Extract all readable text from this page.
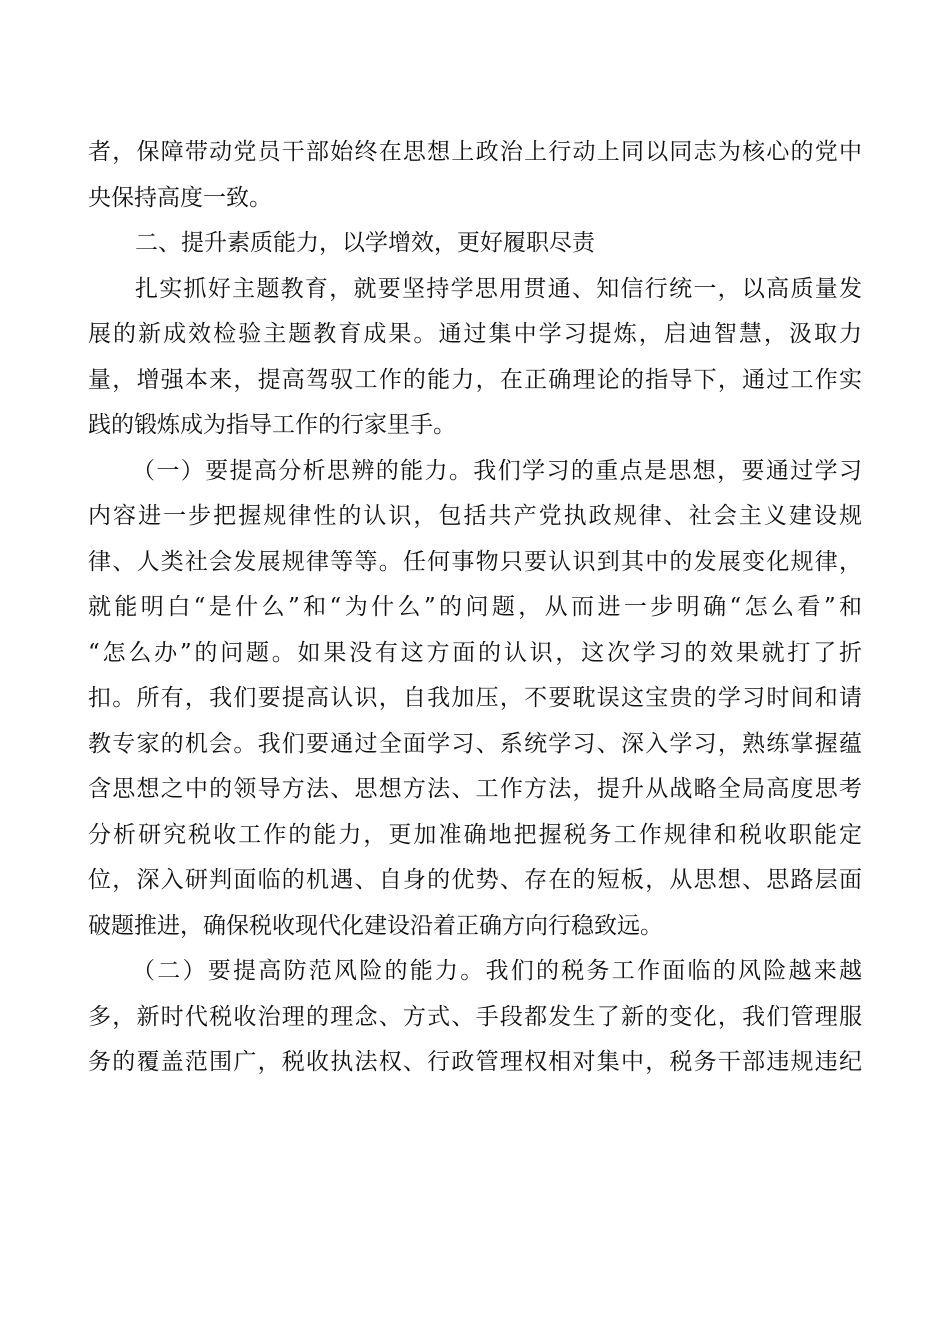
者，保障带动党员干部始终在思想上政治上行动上同以同志为核心的党中
央保持高度一致。
二、提升素质能力，以学增效，更好履职尽责
扎实抓好主题教育，就要坚持学思用贯通、知信行统一，以高质量发
展的新成效检验主题教育成果。通过集中学习提炼，启迪智慧，汲取力
量，增强本来，提高驾驭工作的能力，在正确理论的指导下，通过工作实
践的锻炼成为指导工作的行家里手。
（一）要提高分析思辨的能力。我们学习的重点是思想，要通过学习
内容进一步把握规律性的认识，包括共产党执政规律、社会主义建设规
律、人类社会发展规律等等。任何事物只要认识到其中的发展变化规律，
就能明白“是什么”和“为什么”的问题，从而进一步明确“怎么看”和
“怎么办”的问题。如果没有这方面的认识，这次学习的效果就打了折
扣。所有，我们要提高认识，自我加压，不要耽误这宝贵的学习时间和请
教专家的机会。我们要通过全面学习、系统学习、深入学习，熟练掌握蕴
含思想之中的领导方法、思想方法、工作方法，提升从战略全局高度思考
分析研究税收工作的能力，更加准确地把握税务工作规律和税收职能定
位，深入研判面临的机遇、自身的优势、存在的短板，从思想、思路层面
破题推进，确保税收现代化建设沿着正确方向行稳致远。
（二）要提高防范风险的能力。我们的税务工作面临的风险越来越
多，新时代税收治理的理念、方式、手段都发生了新的变化，我们管理服
务的覆盖范围广，税收执法权、行政管理权相对集中，税务干部违规违纪
